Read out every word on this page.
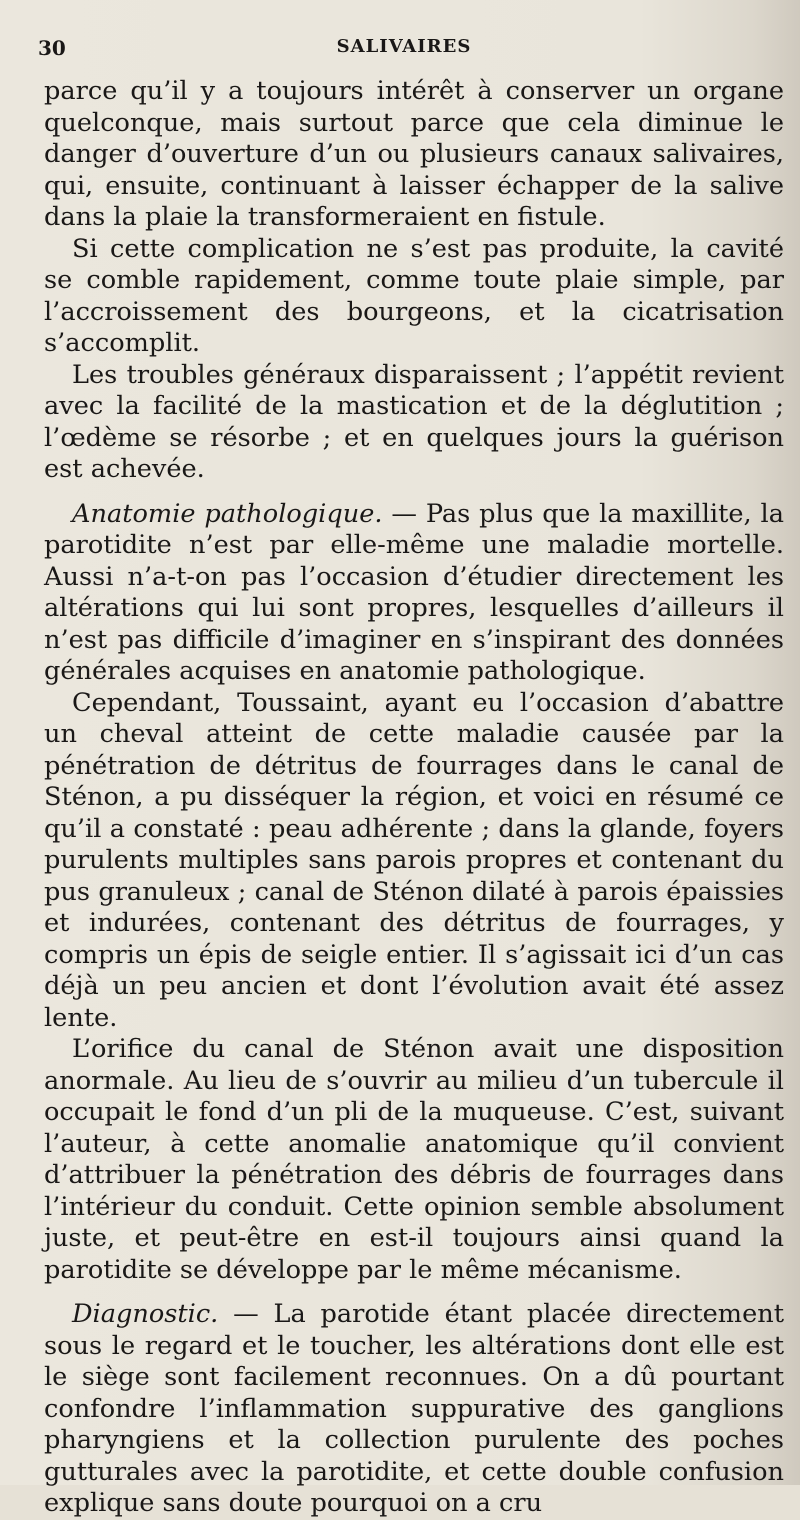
30	SALIVAIRES

parce qu’il y a toujours intérêt à conserver un organe quelconque, mais surtout parce que cela diminue le danger d’ouverture d’un ou plusieurs canaux salivaires, qui, ensuite, continuant à laisser échapper de la salive dans la plaie la transformeraient en fistule.

Si cette complication ne s’est pas produite, la cavité se comble rapidement, comme toute plaie simple, par l’accroissement des bourgeons, et la cicatrisation s’accomplit.

Les troubles généraux disparaissent ; l’appétit revient avec la facilité de la mastication et de la déglutition ; l’œdème se résorbe ; et en quelques jours la guérison est achevée.

Anatomie pathologique. — Pas plus que la maxillite, la parotidite n’est par elle-même une maladie mortelle. Aussi n’a-t-on pas l’occasion d’étudier directement les altérations qui lui sont propres, lesquelles d’ailleurs il n’est pas difficile d’imaginer en s’inspirant des données générales acquises en anatomie pathologique.

Cependant, Toussaint, ayant eu l’occasion d’abattre un cheval atteint de cette maladie causée par la pénétration de détritus de fourrages dans le canal de Sténon, a pu disséquer la région, et voici en résumé ce qu’il a constaté : peau adhérente ; dans la glande, foyers purulents multiples sans parois propres et contenant du pus granuleux ; canal de Sténon dilaté à parois épaissies et indurées, contenant des détritus de fourrages, y compris un épis de seigle entier. Il s’agissait ici d’un cas déjà un peu ancien et dont l’évolution avait été assez lente.

L’orifice du canal de Sténon avait une disposition anormale. Au lieu de s’ouvrir au milieu d’un tubercule il occupait le fond d’un pli de la muqueuse. C’est, suivant l’auteur, à cette anomalie anatomique qu’il convient d’attribuer la pénétration des débris de fourrages dans l’intérieur du conduit. Cette opinion semble absolument juste, et peut-être en est-il toujours ainsi quand la parotidite se développe par le même mécanisme.

Diagnostic. — La parotide étant placée directement sous le regard et le toucher, les altérations dont elle est le siège sont facilement reconnues. On a dû pourtant confondre l’inflammation suppurative des ganglions pharyngiens et la collection purulente des poches gutturales avec la parotidite, et cette double confusion explique sans doute pourquoi on a cru
